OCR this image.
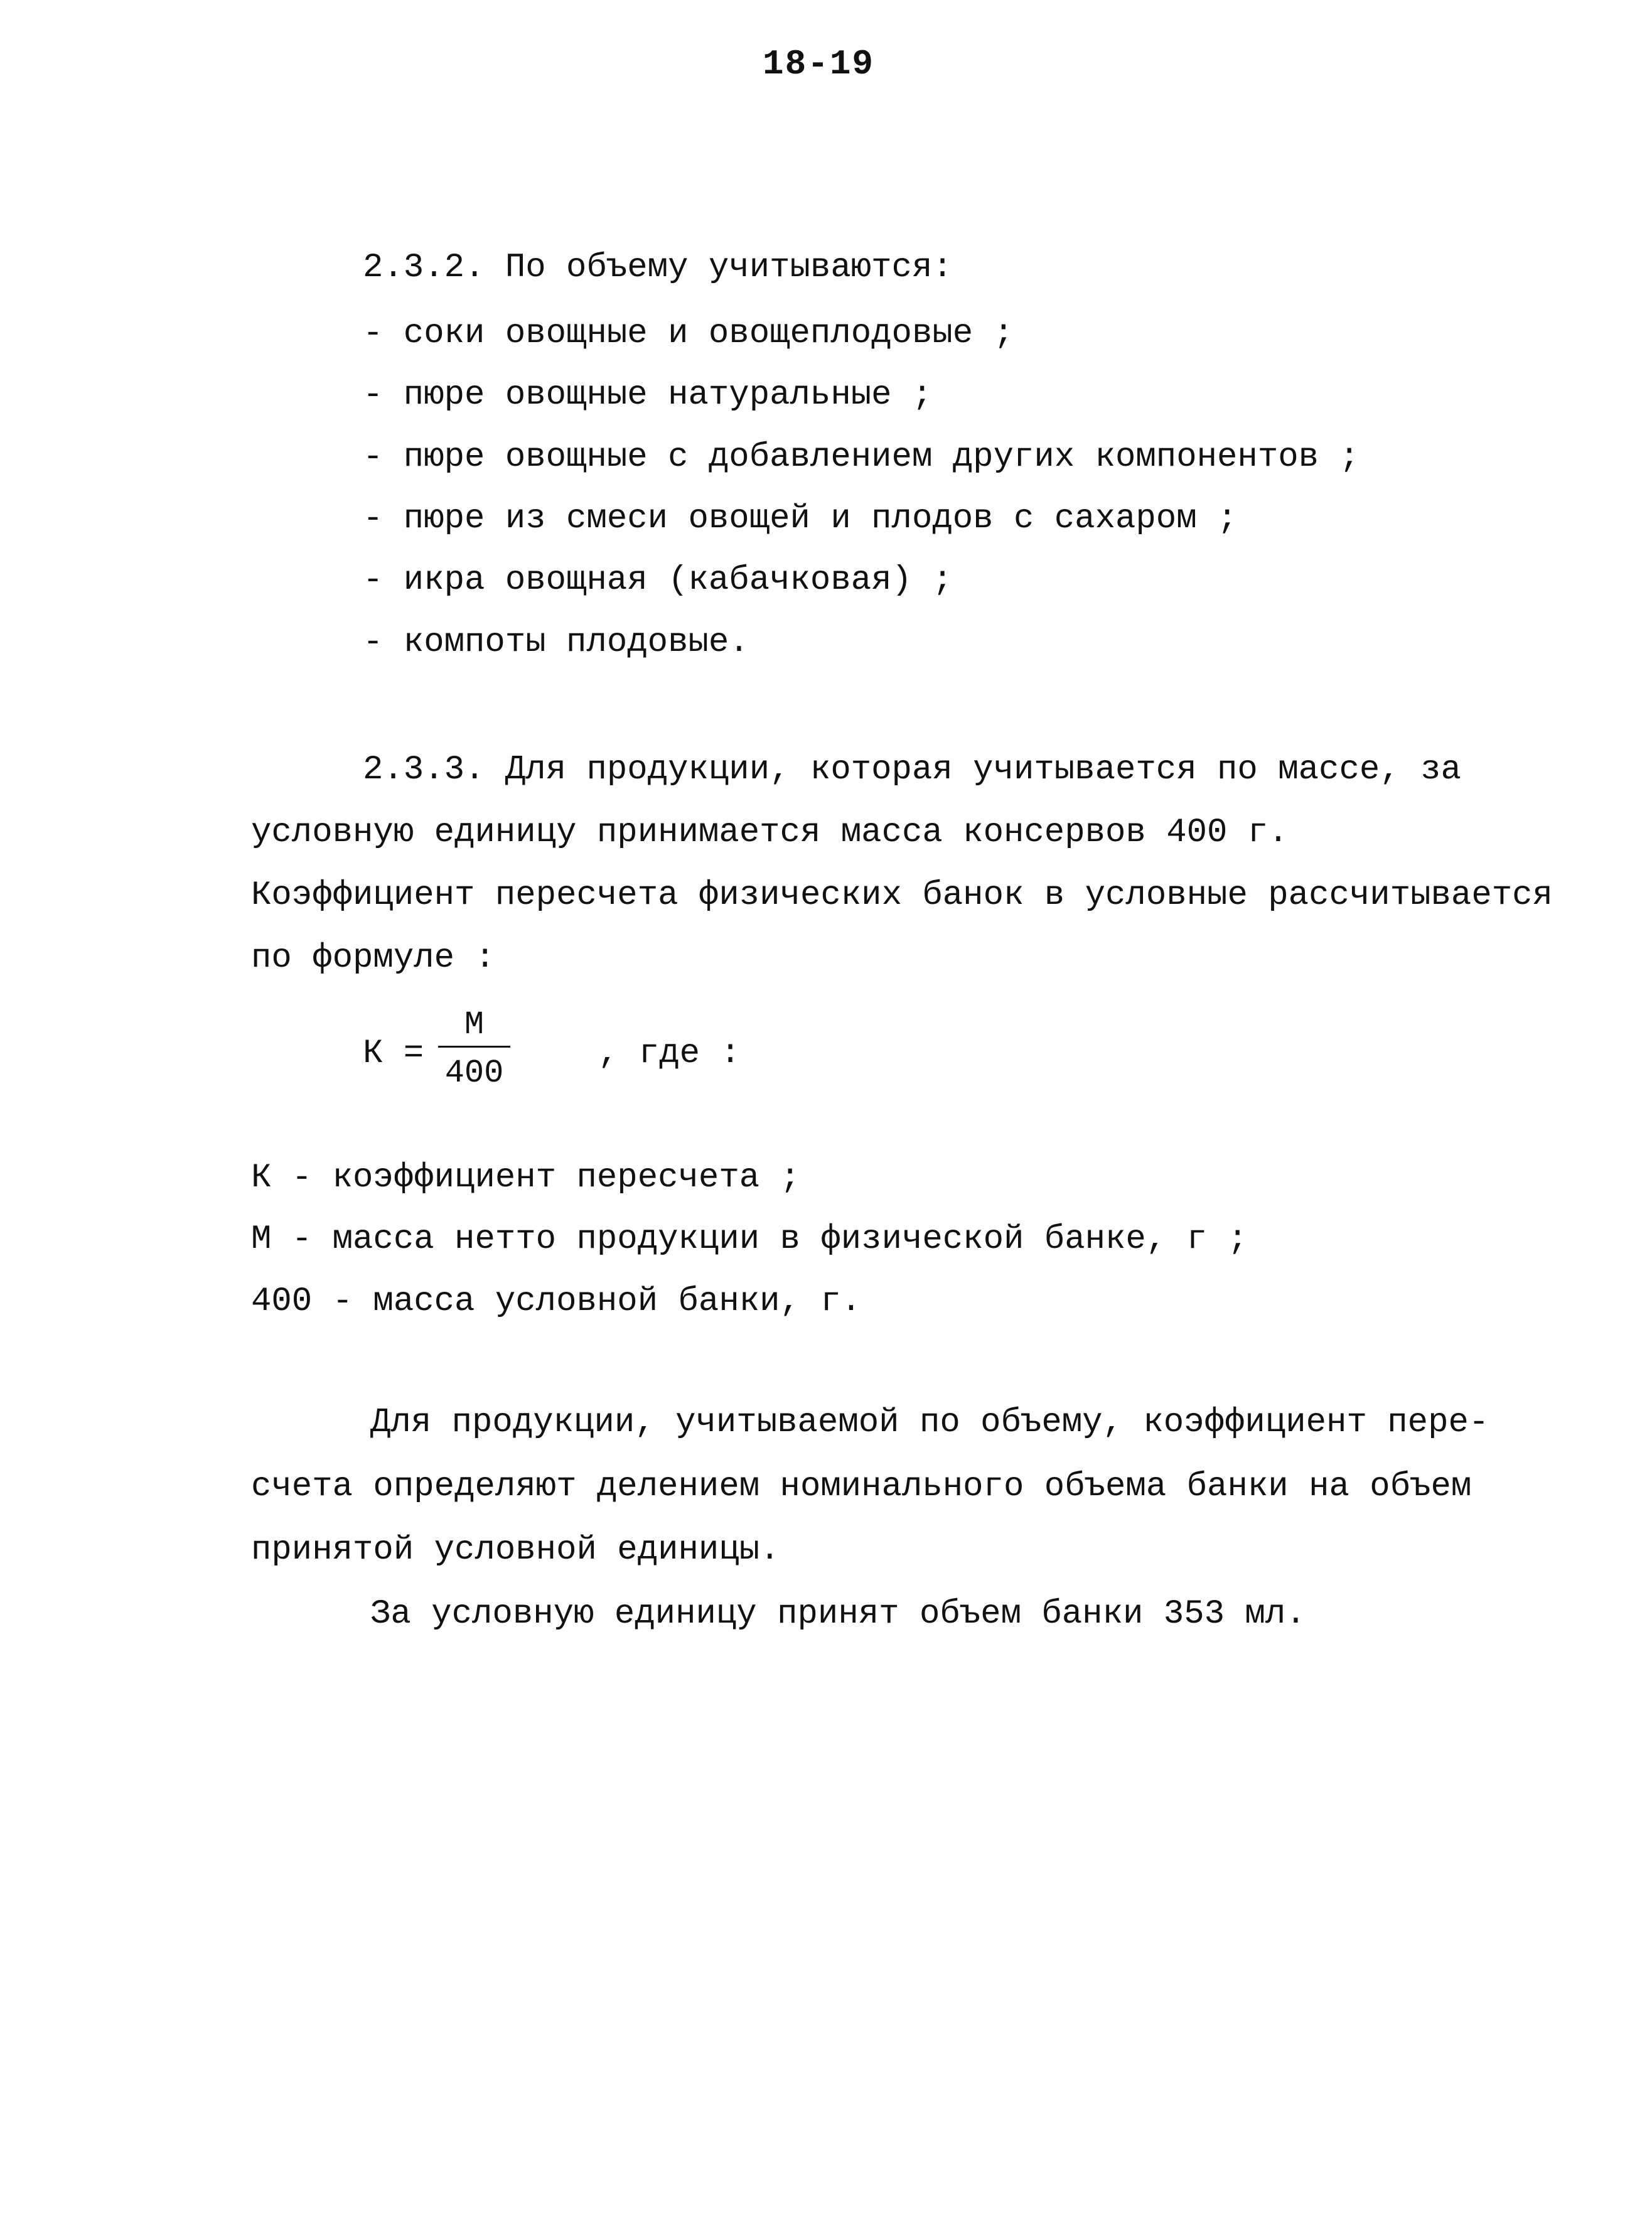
18-19
2.3.2. По объему учитываются:
- соки овощные и овощеплодовые ;
- пюре овощные натуральные ;
- пюре овощные с добавлением других компонентов ;
- пюре из смеси овощей и плодов с сахаром ;
- икра овощная (кабачковая) ;
- компоты плодовые.
2.3.3. Для продукции, которая учитывается по массе, за
условную единицу принимается масса консервов 400 г.
Коэффициент пересчета физических банок в условные рассчитывается
по формуле :
К =
М
400
, где :
К - коэффициент пересчета ;
М - масса нетто продукции в физической банке, г ;
400 - масса условной банки, г.
Для продукции, учитываемой по объему, коэффициент пере-
счета определяют делением номинального объема банки на объем
принятой условной единицы.
За условную единицу принят объем банки 353 мл.
